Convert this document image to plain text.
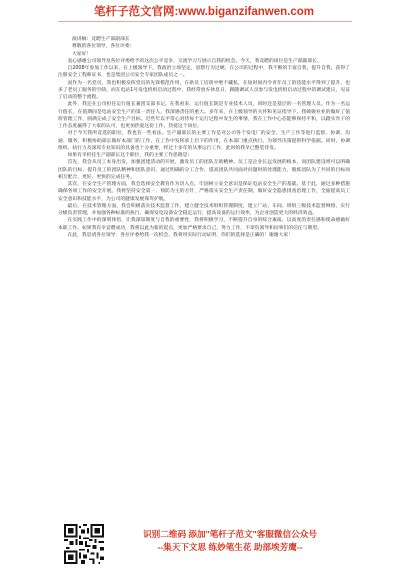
笔杆子范文官网:www.biganzifanwen.com
演讲稿：竞聘生产部副部长
尊敬的各位领导，各位评委：
大家好！

衷心感谢公司领导及各位评委给予的这次公平竞争、交流学习与展示自我的机会。今天，我竞聘的岗位是生产部副部长。

自2008年参加工作以来，在上级领导下，我政治立场坚定，思想行为过硬。在公司的过程中，我不断的丰富自我，提升自我，获得了注册安全工程师证书，也是集团公司安全专家团队成员之一。

而作为一名党员，我也积极发挥党员的先锋模范作用，在新员工培训中绝不藏私，在短时间内令青年员工的技能水平得到了提升，也多了老员工服务的空缺。而在电站1号发电机组启动过程中，我经常放弃休息日，跟随调试人员参与发电机组启动过程中的调试建议，见证了启动的整个流程。

此外，我还在公司担任运行值长兼团支部书记。在我看来，运行值长既是专业技术人员，同时还是基层的一名管理人员。作为一名运行值长，在值期间是电站安全生产的第一责任人，我深感责任的重大。多年来，在上级领导的关怀和见证指导下，我兢兢业业的做好了值班管理工作，圆满完成了安全生产目标。近些年以平常心对待每个运行过程中发生的事情，我在工作中心态能够保持平和，以踏实肯干的工作态度赢得了大家的认可，也更加热爱这份工作，热爱这个岗位。

对于今天我所竞选的职位，我也有一些看法。生产副部长的主要工作是对公司各个发电厂的安全、生产工作等进行监督、协调、沟通、服务，积极协助部长做好本部门的工作，在工作中发挥承上启下的作用，在本部门重点执行。为领导决策提供科学依据。同时，协调组织、执行力及深厚专业知识的具备也十分重要，经过十多年的从事运行工作，此时的我早已整装待发。

如果有幸担任生产副部长这个职位，我的主要工作思路是：

首先，我会从员工本身出发，加强团建活动的开展，激发员工的团队互助精神。员工是企业长远发展的根本，而团队建设则可以明确团队的目标，提升员工的团队精神和团队意识，通过明确的分工合作，提高团队共同面对问题时的处理能力，锻炼团队为了共同的目标而相互配合、更好、更快的完成任务。

其次，在安全生产管理方面，我会选择安全教育作为切入点。牢固树立安全意识是保证电站安全生产的基础。基于此，通过多种措施确保各项工作的安全开展。我将坚持安全第一、预防为主的方针，严格落实安全生产责任制，做好安全隐患排查治理工作，全面提高员工安全意识和技能水平，为公司的健康发展保驾护航。

最后，在技术管理方面，我会积极落实技术监督工作，建立健全技术组织管理制度，建立厂站、车间、班组三级技术监督网络，实行分级负责管理，并加强各种标准的执行，确保发电设备安全稳定运行，提高设备的运行效率，为企业创造更大的经济效益。

在实践工作中的深刻体悟，让我深知制度与自我的重要性，我将积极学习，不断提升自身的综合素质，以高度的责任感和使命感做好本职工作。如果我有幸竞聘成功，我将以此为新的起点，更加严格要求自己，努力工作，不辜负领导和同事们的信任与期望。

在此，我恳请各位领导、各位评委给我一次机会，我将用实际行动证明，你们的选择是正确的！谢谢大家！

识别二维码 添加"笔杆子范文"客服微信公众号
--集天下文思 练妙笔生花 助部埃芳鹰--
